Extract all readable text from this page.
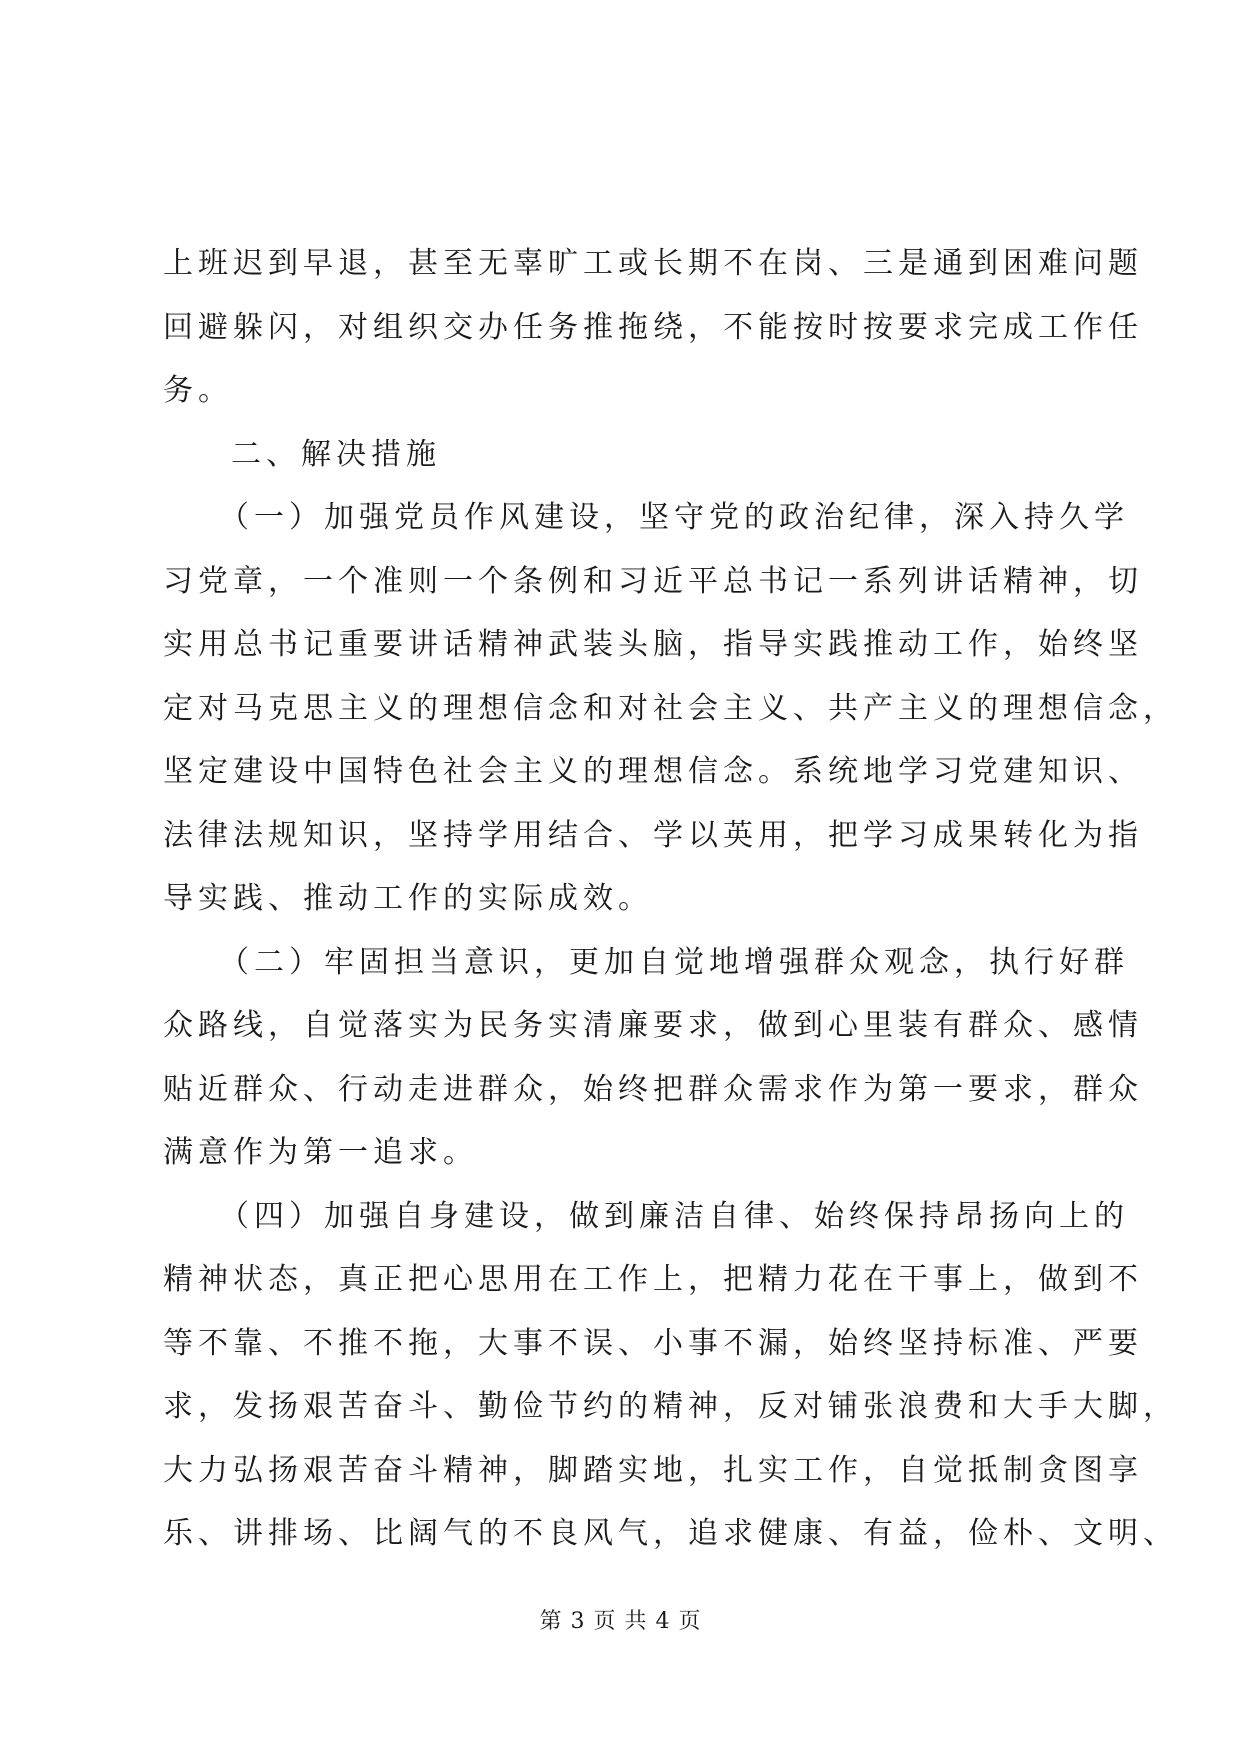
上班迟到早退，甚至无辜旷工或长期不在岗、三是通到困难问题
回避躲闪，对组织交办任务推拖绕，不能按时按要求完成工作任
务。
二、解决措施
（一）加强党员作风建设，坚守党的政治纪律，深入持久学
习党章，一个准则一个条例和习近平总书记一系列讲话精神，切
实用总书记重要讲话精神武装头脑，指导实践推动工作，始终坚
定对马克思主义的理想信念和对社会主义、共产主义的理想信念，
坚定建设中国特色社会主义的理想信念。系统地学习党建知识、
法律法规知识，坚持学用结合、学以英用，把学习成果转化为指
导实践、推动工作的实际成效。
（二）牢固担当意识，更加自觉地增强群众观念，执行好群
众路线，自觉落实为民务实清廉要求，做到心里装有群众、感情
贴近群众、行动走进群众，始终把群众需求作为第一要求，群众
满意作为第一追求。
（四）加强自身建设，做到廉洁自律、始终保持昂扬向上的
精神状态，真正把心思用在工作上，把精力花在干事上，做到不
等不靠、不推不拖，大事不误、小事不漏，始终坚持标准、严要
求，发扬艰苦奋斗、勤俭节约的精神，反对铺张浪费和大手大脚，
大力弘扬艰苦奋斗精神，脚踏实地，扎实工作，自觉抵制贪图享
乐、讲排场、比阔气的不良风气，追求健康、有益，俭朴、文明、
第 3 页 共 4 页
